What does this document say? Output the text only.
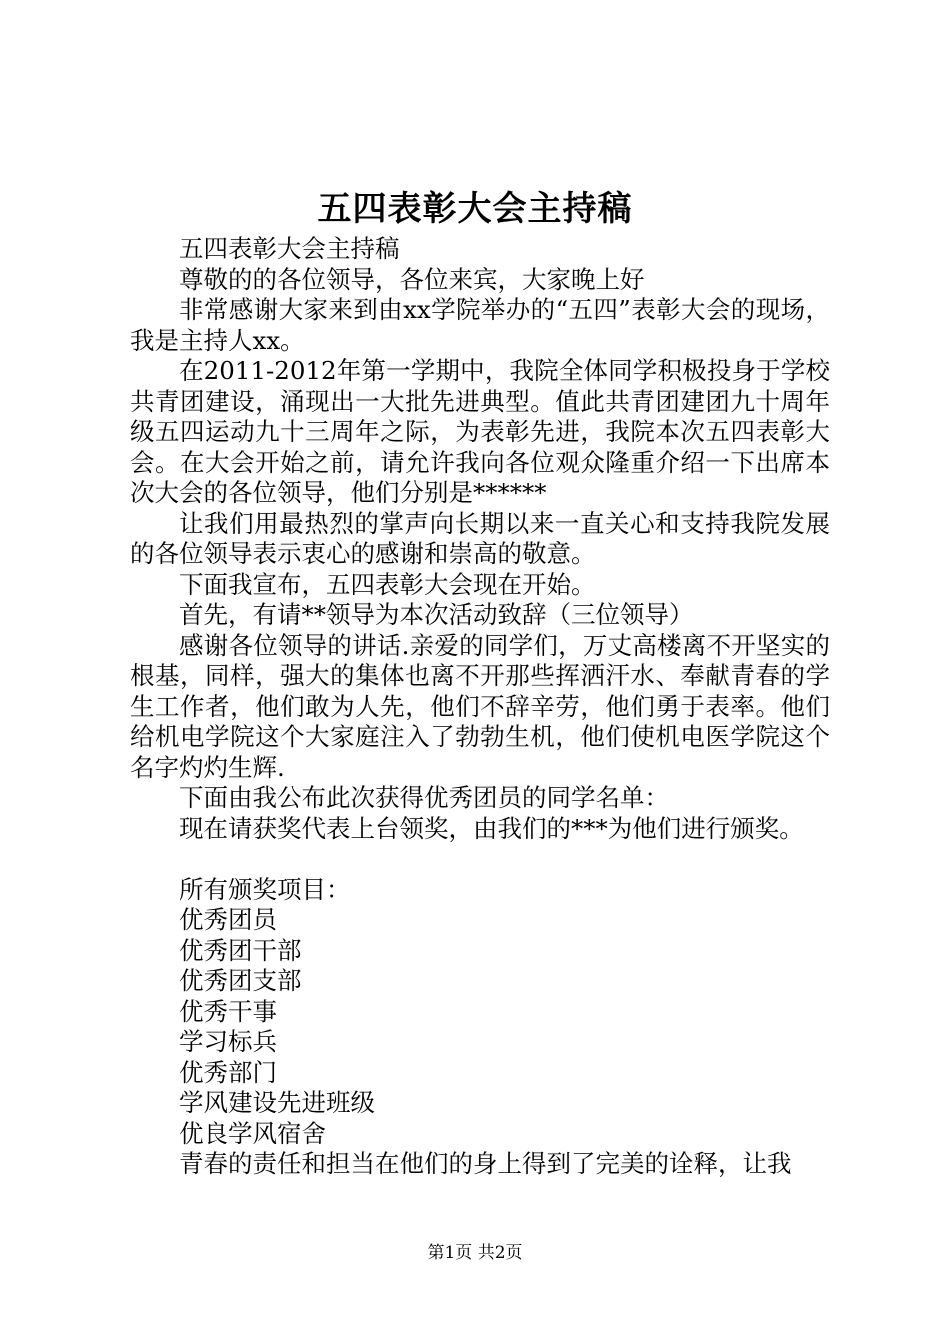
五四表彰大会主持稿

五四表彰大会主持稿

尊敬的的各位领导，各位来宾，大家晚上好

非常感谢大家来到由xx学院举办的“五四”表彰大会的现场，我是主持人xx。

在2011-2012年第一学期中，我院全体同学积极投身于学校共青团建设，涌现出一大批先进典型。值此共青团建团九十周年级五四运动九十三周年之际，为表彰先进，我院本次五四表彰大会。在大会开始之前，请允许我向各位观众隆重介绍一下出席本次大会的各位领导，他们分别是******

让我们用最热烈的掌声向长期以来一直关心和支持我院发展的各位领导表示衷心的感谢和崇高的敬意。

下面我宣布，五四表彰大会现在开始。

首先，有请**领导为本次活动致辞（三位领导）

感谢各位领导的讲话.亲爱的同学们，万丈高楼离不开坚实的根基，同样，强大的集体也离不开那些挥洒汗水、奉献青春的学生工作者，他们敢为人先，他们不辞辛劳，他们勇于表率。他们给机电学院这个大家庭注入了勃勃生机，他们使机电医学院这个名字灼灼生辉.

下面由我公布此次获得优秀团员的同学名单：

现在请获奖代表上台领奖，由我们的***为他们进行颁奖。

所有颁奖项目：

优秀团员

优秀团干部

优秀团支部

优秀干事

学习标兵

优秀部门

学风建设先进班级

优良学风宿舍

青春的责任和担当在他们的身上得到了完美的诠释，让我

第1页 共2页
